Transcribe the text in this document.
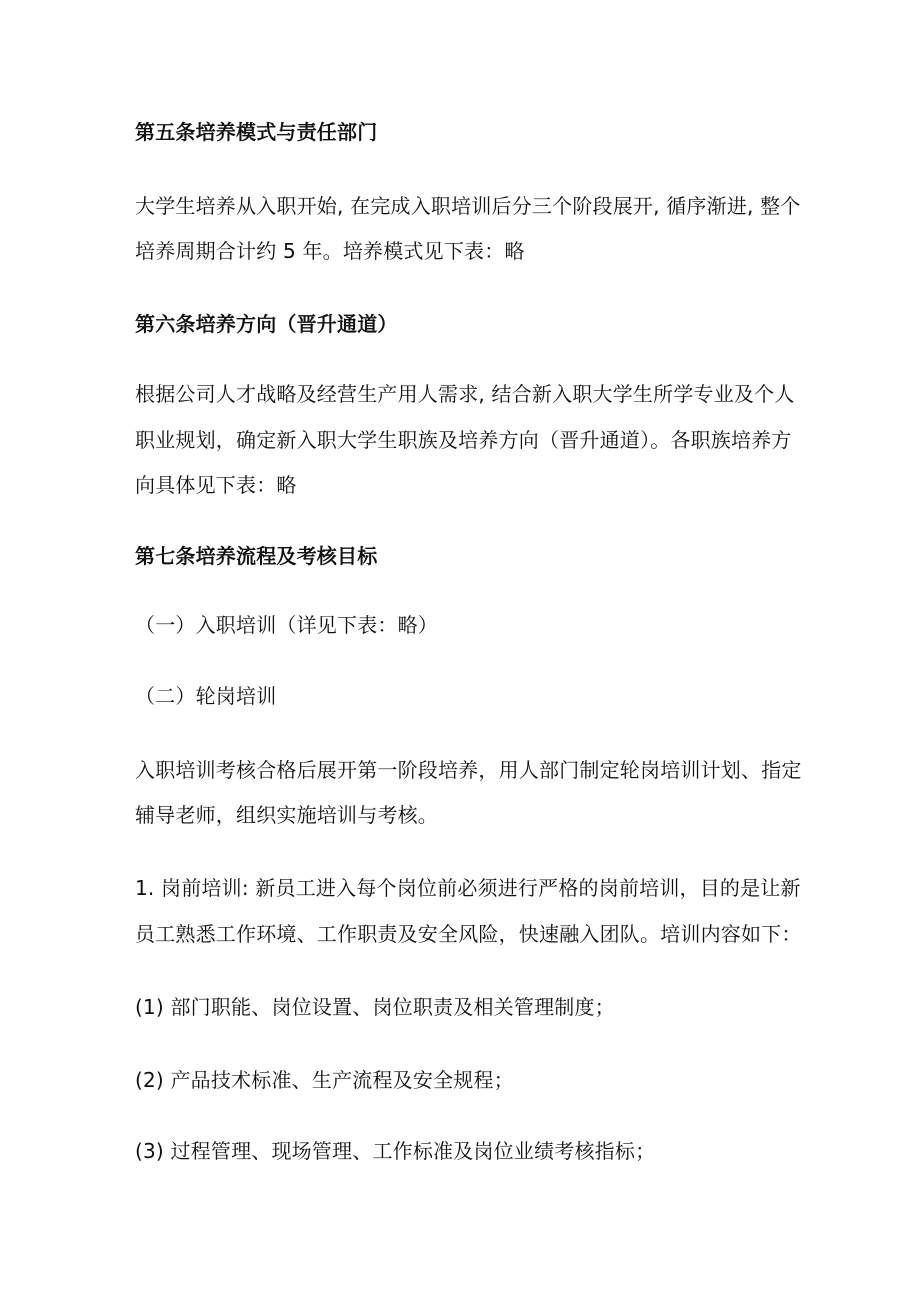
第五条培养模式与责任部门
大学生培养从入职开始, 在完成入职培训后分三个阶段展开, 循序渐进, 整个
培养周期合计约 5 年。培养模式见下表：略
第六条培养方向（晋升通道）
根据公司人才战略及经营生产用人需求, 结合新入职大学生所学专业及个人
职业规划，确定新入职大学生职族及培养方向（晋升通道）。各职族培养方
向具体见下表：略
第七条培养流程及考核目标
（一）入职培训（详见下表：略）
（二）轮岗培训
入职培训考核合格后展开第一阶段培养，用人部门制定轮岗培训计划、指定
辅导老师，组织实施培训与考核。
1. 岗前培训: 新员工进入每个岗位前必须进行严格的岗前培训，目的是让新
员工熟悉工作环境、工作职责及安全风险，快速融入团队。培训内容如下：
(1) 部门职能、岗位设置、岗位职责及相关管理制度；
(2) 产品技术标准、生产流程及安全规程；
(3) 过程管理、现场管理、工作标准及岗位业绩考核指标；
